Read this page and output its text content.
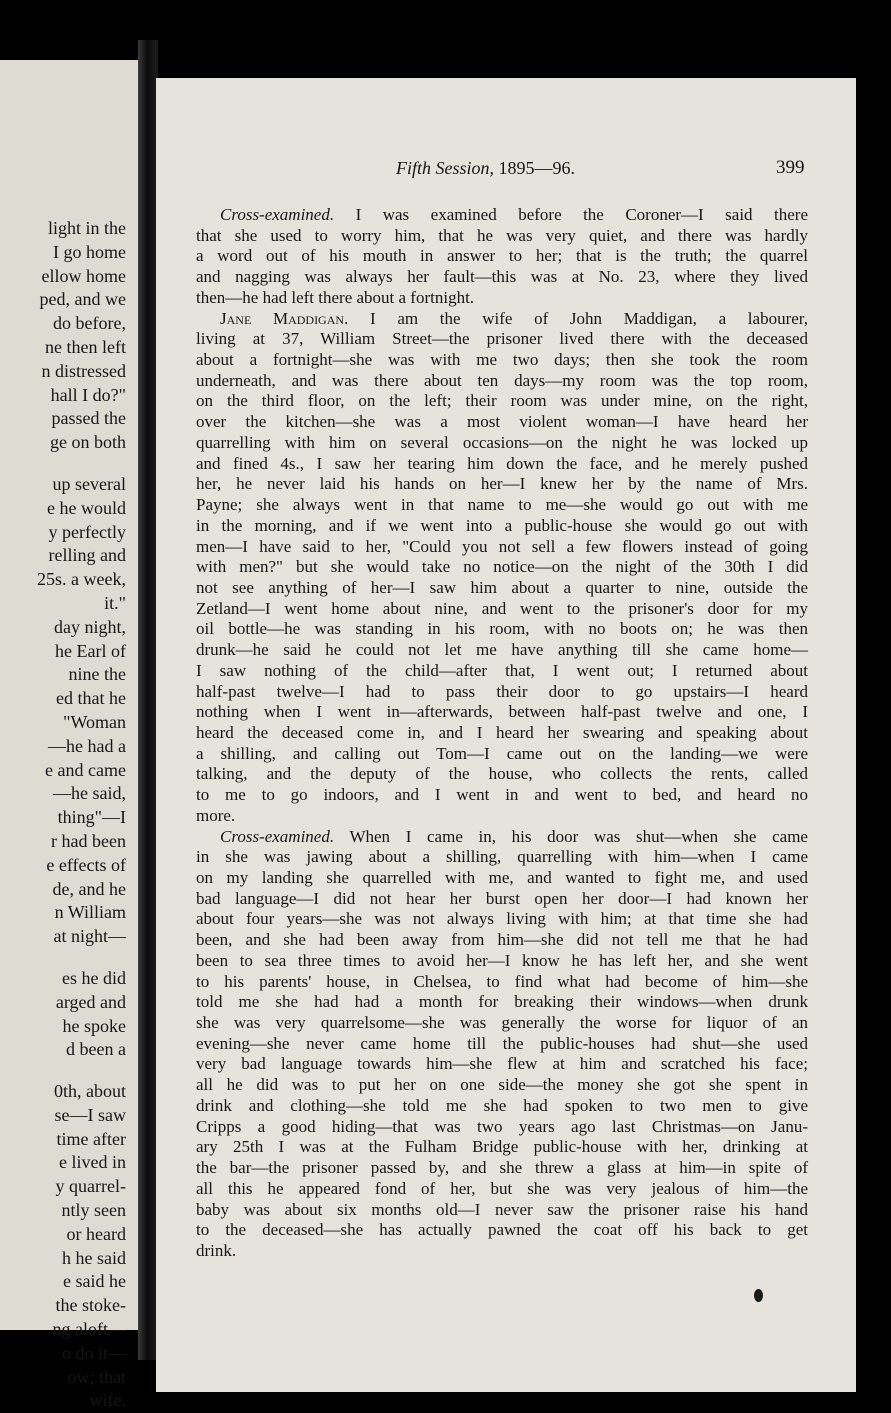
light in the
I go home
ellow home
ped, and we
do before,
ne then left
n distressed
hall I do?"
passed the
ge on both
up several
e he would
y perfectly
relling and
25s. a week,
it."
day night,
he Earl of
nine the
ed that he
"Woman
—he had a
e and came
—he said,
thing"—I
r had been
e effects of
de, and he
n William
at night—
es he did
arged and
he spoke
d been a
0th, about
se—I saw
time after
e lived in
y quarrel-
ntly seen
or heard
h he said
e said he
the stoke-
ng aloft—
o do it—
ow; that
wife.
Fifth Session, 1895—96.	399
Cross-examined. I was examined before the Coroner—I said there
that she used to worry him, that he was very quiet, and there was hardly
a word out of his mouth in answer to her; that is the truth; the quarrel
and nagging was always her fault—this was at No. 23, where they lived
then—he had left there about a fortnight.
Jane Maddigan. I am the wife of John Maddigan, a labourer,
living at 37, William Street—the prisoner lived there with the deceased
about a fortnight—she was with me two days; then she took the room
underneath, and was there about ten days—my room was the top room,
on the third floor, on the left; their room was under mine, on the right,
over the kitchen—she was a most violent woman—I have heard her
quarrelling with him on several occasions—on the night he was locked up
and fined 4s., I saw her tearing him down the face, and he merely pushed
her, he never laid his hands on her—I knew her by the name of Mrs.
Payne; she always went in that name to me—she would go out with me
in the morning, and if we went into a public-house she would go out with
men—I have said to her, "Could you not sell a few flowers instead of going
with men?" but she would take no notice—on the night of the 30th I did
not see anything of her—I saw him about a quarter to nine, outside the
Zetland—I went home about nine, and went to the prisoner's door for my
oil bottle—he was standing in his room, with no boots on; he was then
drunk—he said he could not let me have anything till she came home—
I saw nothing of the child—after that, I went out; I returned about
half-past twelve—I had to pass their door to go upstairs—I heard
nothing when I went in—afterwards, between half-past twelve and one, I
heard the deceased come in, and I heard her swearing and speaking about
a shilling, and calling out Tom—I came out on the landing—we were
talking, and the deputy of the house, who collects the rents, called
to me to go indoors, and I went in and went to bed, and heard no
more.
Cross-examined. When I came in, his door was shut—when she came
in she was jawing about a shilling, quarrelling with him—when I came
on my landing she quarrelled with me, and wanted to fight me, and used
bad language—I did not hear her burst open her door—I had known her
about four years—she was not always living with him; at that time she had
been, and she had been away from him—she did not tell me that he had
been to sea three times to avoid her—I know he has left her, and she went
to his parents' house, in Chelsea, to find what had become of him—she
told me she had had a month for breaking their windows—when drunk
she was very quarrelsome—she was generally the worse for liquor of an
evening—she never came home till the public-houses had shut—she used
very bad language towards him—she flew at him and scratched his face;
all he did was to put her on one side—the money she got she spent in
drink and clothing—she told me she had spoken to two men to give
Cripps a good hiding—that was two years ago last Christmas—on Janu-
ary 25th I was at the Fulham Bridge public-house with her, drinking at
the bar—the prisoner passed by, and she threw a glass at him—in spite of
all this he appeared fond of her, but she was very jealous of him—the
baby was about six months old—I never saw the prisoner raise his hand
to the deceased—she has actually pawned the coat off his back to get
drink.
